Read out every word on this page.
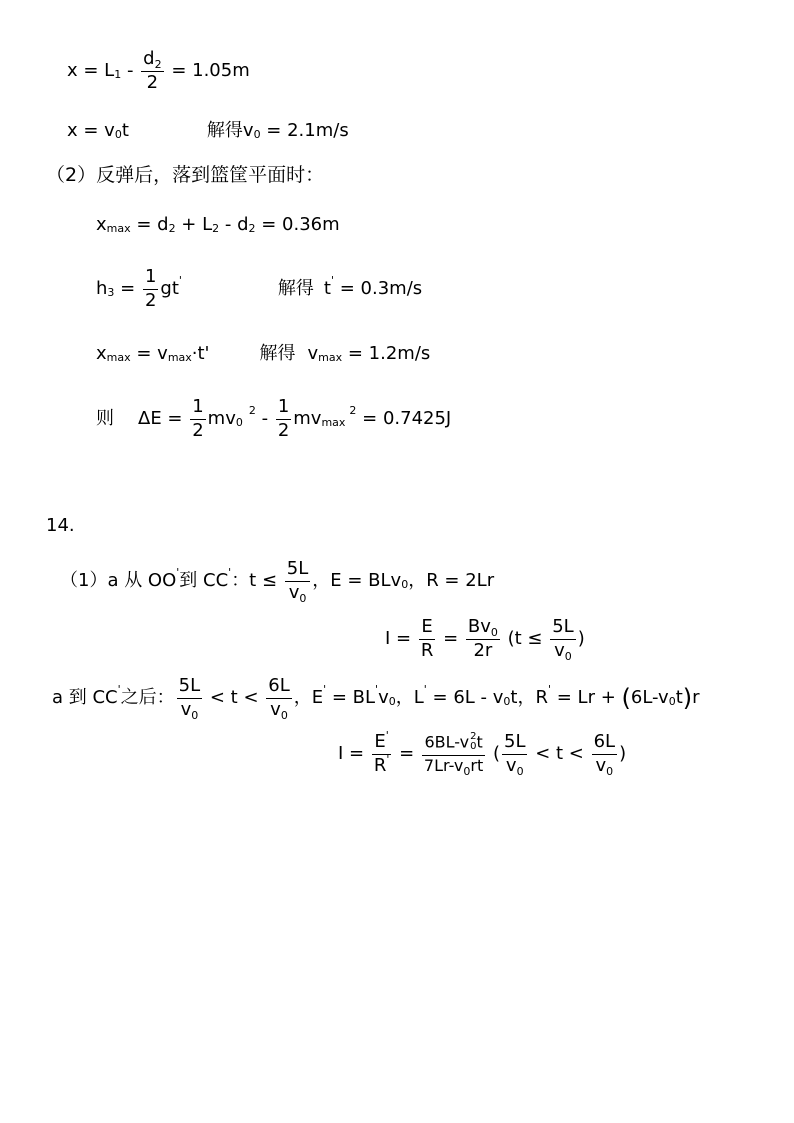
$x = L_1 - \frac{d_2}{2} = 1.05m$
$x = v_0$ t	解得$v_0 = 2.1m/s$
（2）反弹后，落到篮筐平面时：
$x_{max} = d_2 + L_2 - d_2 = 0.36m$
$h_3 = \frac{1}{2} gt'$	解得 t' = 0.3m/s
$x_{max} = v_{max} \cdot t'$	解得 $v_{max} = 1.2m/s$
则 $\Delta E = \frac{1}{2} mv_0$
$^2 - \frac{1}{2} mv_{max}$
$^2$ = 0.7425J
14.
（1）a 从 OO' 到 CC' ：$t \le \frac{5L}{v_0}$ ，E = BLv$_0$ ，R = 2Lr
$I = \frac{E}{R} = \frac{Bv_0}{2r} (t \le \frac{5L}{v_0}$ )
a 到 CC' 之后： $\frac{5L}{v_0} < t < \frac{6L}{v_0}$ ，E' = BL' $v_0$ ，$L' = 6L - v_0$ t，R' = Lr + ( $6L-v_0$ t ) r
$I = \frac{E'}{R'} = 6BL-v$ 2
0 t
$7Lr-v_0rt$ ( $\frac{5L}{v_0} < t < \frac{6L}{v_0}$ )
